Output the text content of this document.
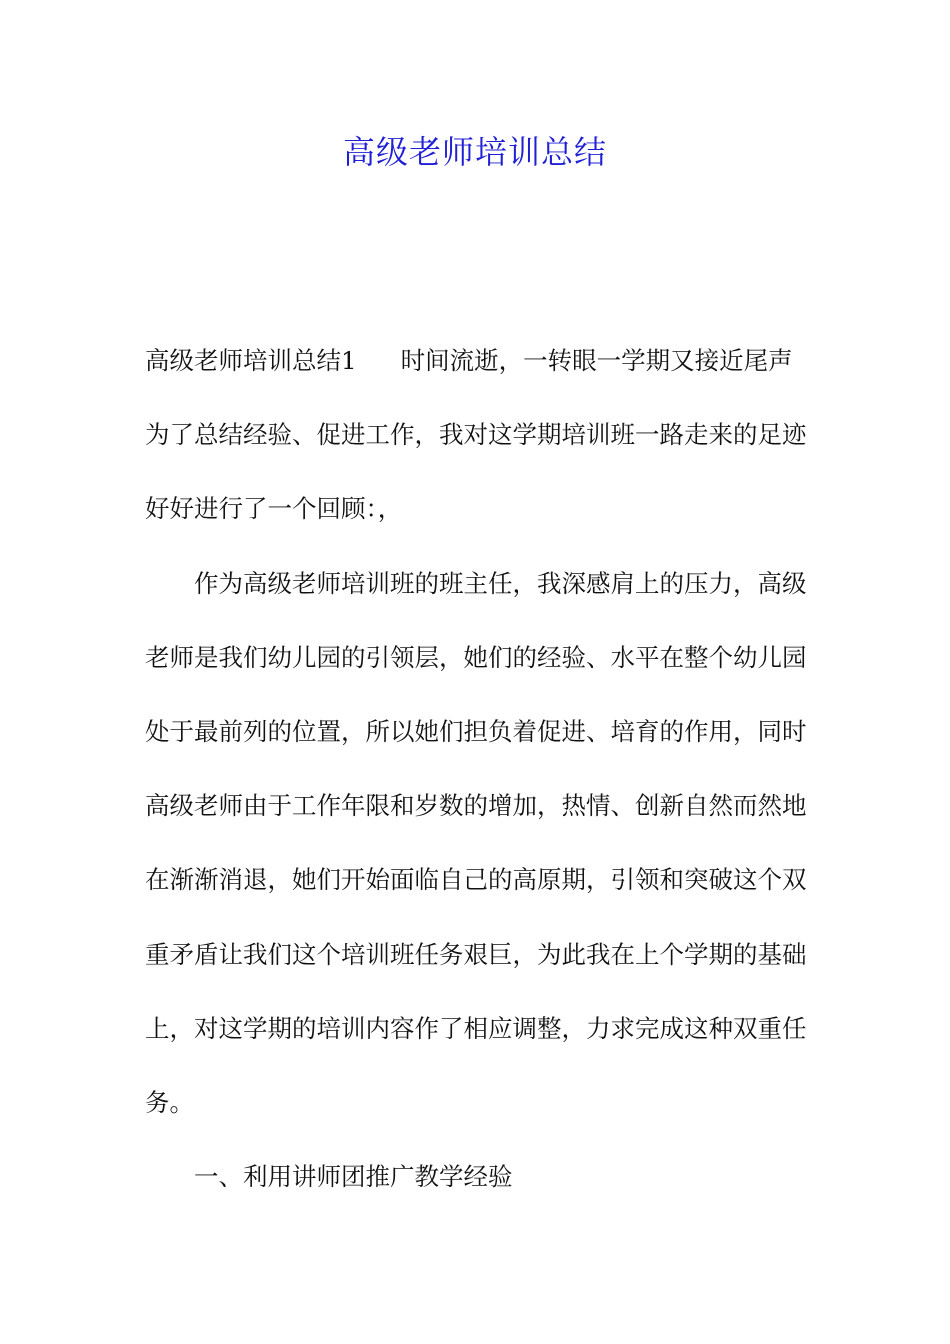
高级老师培训总结
高级老师培训总结1 时间流逝，一转眼一学期又接近尾声
为了总结经验、促进工作，我对这学期培训班一路走来的足迹
好好进行了一个回顾：，
作为高级老师培训班的班主任，我深感肩上的压力，高级
老师是我们幼儿园的引领层，她们的经验、水平在整个幼儿园
处于最前列的位置，所以她们担负着促进、培育的作用，同时
高级老师由于工作年限和岁数的增加，热情、创新自然而然地
在渐渐消退，她们开始面临自己的高原期，引领和突破这个双
重矛盾让我们这个培训班任务艰巨，为此我在上个学期的基础
上，对这学期的培训内容作了相应调整，力求完成这种双重任
务。
一、利用讲师团推广教学经验
